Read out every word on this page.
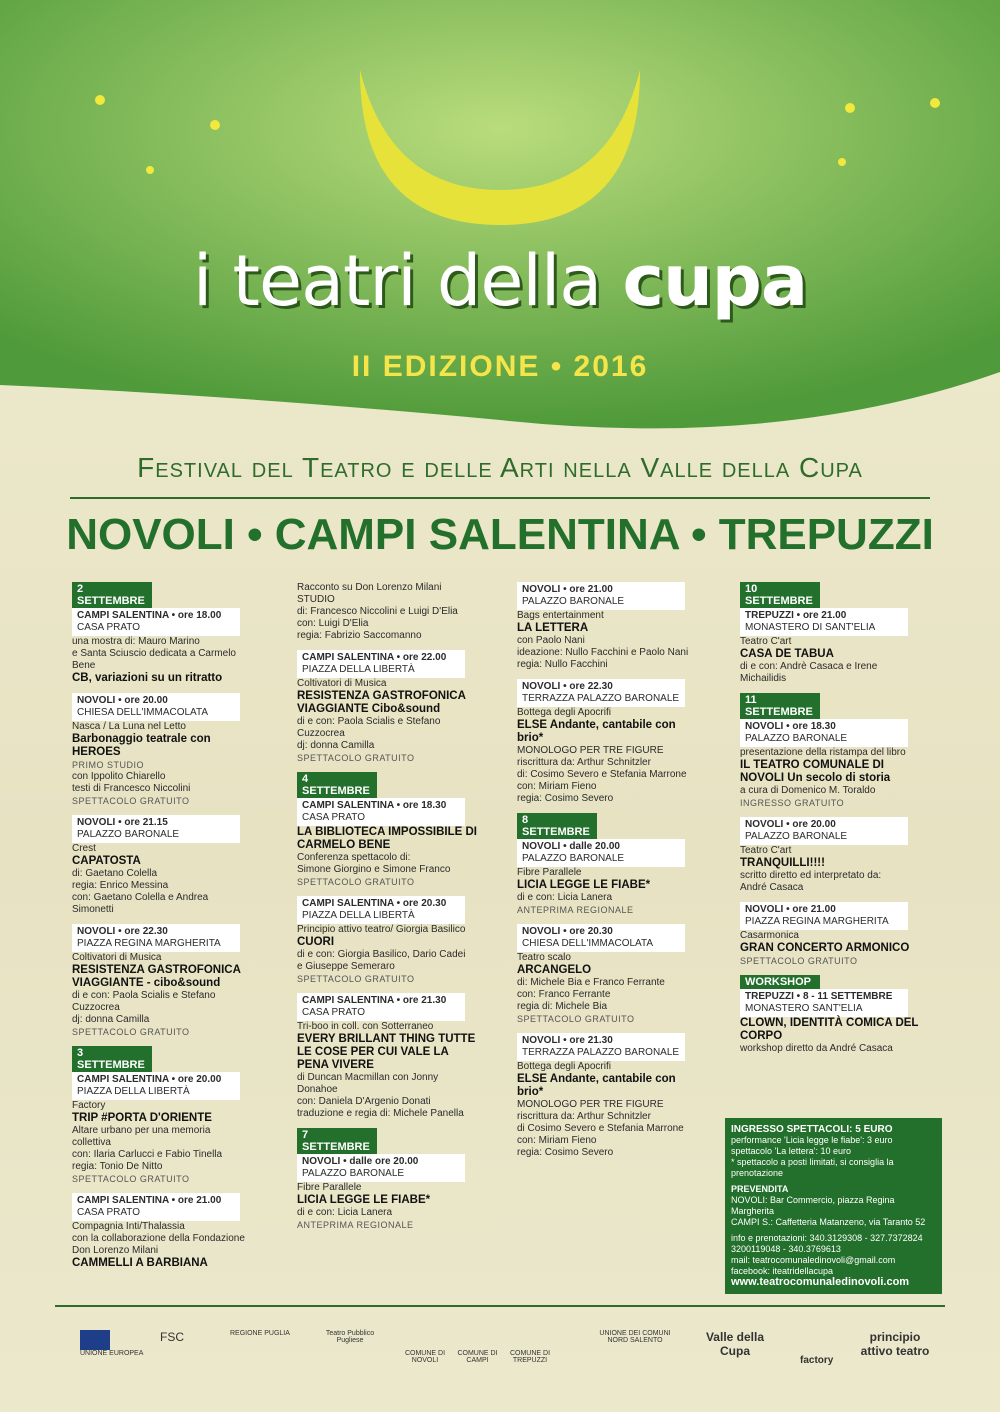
i teatri della cupa
II EDIZIONE • 2016
Festival del Teatro e delle Arti nella Valle della Cupa
NOVOLI • CAMPI SALENTINA • TREPUZZI
2 SETTEMBRE
CAMPI SALENTINA • ore 18.00
CASA PRATO
una mostra di: Mauro Marino
e Santa Sciuscio dedicata a Carmelo Bene
CB, variazioni su un ritratto
NOVOLI • ore 20.00
CHIESA DELL'IMMACOLATA
Nasca / La Luna nel Letto
Barbonaggio teatrale con HEROES
PRIMO STUDIO
con Ippolito Chiarello
testi di Francesco Niccolini
SPETTACOLO GRATUITO
NOVOLI • ore 21.15
PALAZZO BARONALE
Crest
CAPATOSTA
di: Gaetano Colella
regia: Enrico Messina
con: Gaetano Colella e Andrea Simonetti
NOVOLI • ore 22.30
PIAZZA REGINA MARGHERITA
Coltivatori di Musica
RESISTENZA GASTROFONICA VIAGGIANTE - cibo&sound
di e con: Paola Scialis e Stefano Cuzzocrea
dj: donna Camilla
SPETTACOLO GRATUITO
3 SETTEMBRE
CAMPI SALENTINA • ore 20.00
PIAZZA DELLA LIBERTÀ
Factory
TRIP #PORTA D'ORIENTE
Altare urbano per una memoria collettiva
con: Ilaria Carlucci e Fabio Tinella
regia: Tonio De Nitto
SPETTACOLO GRATUITO
CAMPI SALENTINA • ore 21.00
CASA PRATO
Compagnia Inti/Thalassia
con la collaborazione della Fondazione
Don Lorenzo Milani
CAMMELLI A BARBIANA
Racconto su Don Lorenzo Milani
STUDIO
di: Francesco Niccolini e Luigi D'Elia
con: Luigi D'Elia
regia: Fabrizio Saccomanno
CAMPI SALENTINA • ore 22.00
PIAZZA DELLA LIBERTÀ
Coltivatori di Musica
RESISTENZA GASTROFONICA VIAGGIANTE Cibo&sound
di e con: Paola Scialis e Stefano Cuzzocrea
dj: donna Camilla
SPETTACOLO GRATUITO
4 SETTEMBRE
CAMPI SALENTINA • ore 18.30
CASA PRATO
LA BIBLIOTECA IMPOSSIBILE DI CARMELO BENE
Conferenza spettacolo di:
Simone Giorgino e Simone Franco
SPETTACOLO GRATUITO
CAMPI SALENTINA • ore 20.30
PIAZZA DELLA LIBERTÀ
Principio attivo teatro/ Giorgia Basilico
CUORI
di e con: Giorgia Basilico, Dario Cadei
e Giuseppe Semeraro
SPETTACOLO GRATUITO
CAMPI SALENTINA • ore 21.30
CASA PRATO
Tri-boo in coll. con Sotterraneo
EVERY BRILLANT THING TUTTE LE COSE PER CUI VALE LA PENA VIVERE
di Duncan Macmillan con Jonny Donahoe
con: Daniela D'Argenio Donati
traduzione e regia di: Michele Panella
7 SETTEMBRE
NOVOLI • dalle ore 20.00
PALAZZO BARONALE
Fibre Parallele
LICIA LEGGE LE FIABE*
di e con: Licia Lanera
ANTEPRIMA REGIONALE
NOVOLI • ore 21.00
PALAZZO BARONALE
Bags entertainment
LA LETTERA
con Paolo Nani
ideazione: Nullo Facchini e Paolo Nani
regia: Nullo Facchini
NOVOLI • ore 22.30
TERRAZZA PALAZZO BARONALE
Bottega degli Apocrifi
ELSE Andante, cantabile con brio*
MONOLOGO PER TRE FIGURE
riscrittura da: Arthur Schnitzler
di: Cosimo Severo e Stefania Marrone
con: Miriam Fieno
regia: Cosimo Severo
8 SETTEMBRE
NOVOLI • dalle 20.00
PALAZZO BARONALE
Fibre Parallele
LICIA LEGGE LE FIABE*
di e con: Licia Lanera
ANTEPRIMA REGIONALE
NOVOLI • ore 20.30
CHIESA DELL'IMMACOLATA
Teatro scalo
ARCANGELO
di: Michele Bia e Franco Ferrante
con: Franco Ferrante
regia di: Michele Bia
SPETTACOLO GRATUITO
NOVOLI • ore 21.30
TERRAZZA PALAZZO BARONALE
Bottega degli Apocrifi
ELSE Andante, cantabile con brio*
MONOLOGO PER TRE FIGURE
riscrittura da: Arthur Schnitzler
di Cosimo Severo e Stefania Marrone
con: Miriam Fieno
regia: Cosimo Severo
10 SETTEMBRE
TREPUZZI • ore 21.00
MONASTERO DI SANT'ELIA
Teatro C'art
CASA DE TABUA
di e con: Andrè Casaca e Irene Michailidis
11 SETTEMBRE
NOVOLI • ore 18.30
PALAZZO BARONALE
presentazione della ristampa del libro
IL TEATRO COMUNALE DI NOVOLI Un secolo di storia
a cura di Domenico M. Toraldo
INGRESSO GRATUITO
NOVOLI • ore 20.00
PALAZZO BARONALE
Teatro C'art
TRANQUILLI!!!!
scritto diretto ed interpretato da:
André Casaca
NOVOLI • ore 21.00
PIAZZA REGINA MARGHERITA
Casarmonica
GRAN CONCERTO ARMONICO
SPETTACOLO GRATUITO
WORKSHOP
TREPUZZI • 8 - 11 SETTEMBRE
MONASTERO SANT'ELIA
CLOWN, IDENTITÀ COMICA DEL CORPO
workshop diretto da André Casaca
INGRESSO SPETTACOLI: 5 EURO
performance 'Licia legge le fiabe': 3 euro
spettacolo 'La lettera': 10 euro
* spettacolo a posti limitati, si consiglia la prenotazione
PREVENDITA
NOVOLI: Bar Commercio, piazza Regina Margherita
CAMPI S.: Caffetteria Matanzeno, via Taranto 52
info e prenotazioni: 340.3129308 - 327.7372824
3200119048 - 340.3769613
mail: teatrocomunaledinovoli@gmail.com
facebook: iteatridellacupa
www.teatrocomunaledinovoli.com
UNIONE EUROPEA
FSC	REGIONE PUGLIA	Teatro Pubblico Pugliese
COMUNE DI NOVOLI
COMUNE DI CAMPI
COMUNE DI TREPUZZI
UNIONE DEI COMUNI NORD SALENTO	Valle della Cupa
factory
principio attivo teatro
